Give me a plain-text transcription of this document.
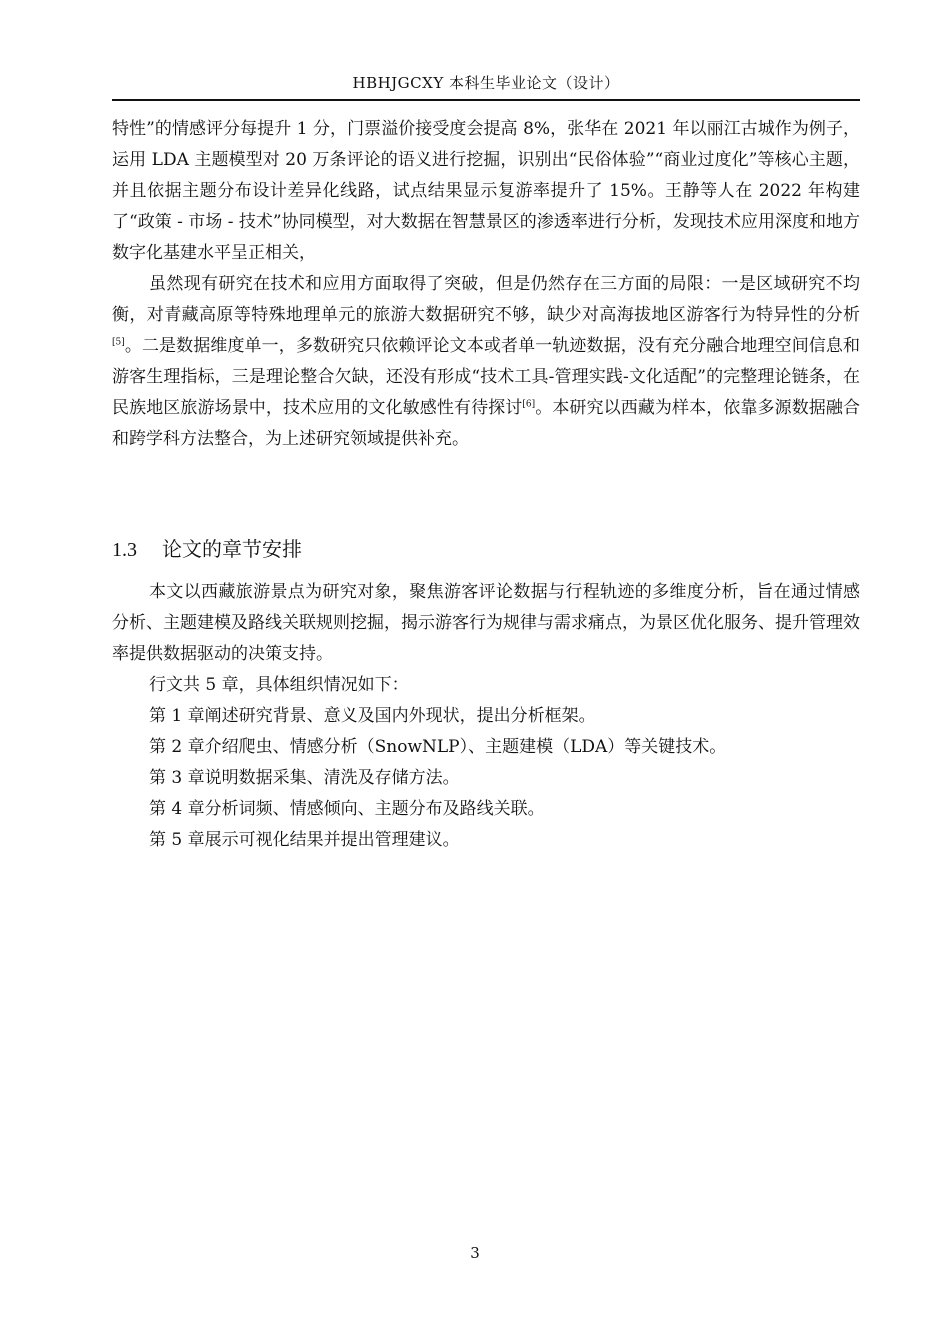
HBHJGCXY 本科生毕业论文（设计）

特性”的情感评分每提升 1 分，门票溢价接受度会提高 8%，张华在 2021 年以丽江古城作为例子，运用 LDA 主题模型对 20 万条评论的语义进行挖掘，识别出“民俗体验”“商业过度化”等核心主题，并且依据主题分布设计差异化线路，试点结果显示复游率提升了 15%。王静等人在 2022 年构建了“政策 - 市场 - 技术”协同模型，对大数据在智慧景区的渗透率进行分析，发现技术应用深度和地方数字化基建水平呈正相关，

虽然现有研究在技术和应用方面取得了突破，但是仍然存在三方面的局限：一是区域研究不均衡，对青藏高原等特殊地理单元的旅游大数据研究不够，缺少对高海拔地区游客行为特异性的分析[5]。二是数据维度单一，多数研究只依赖评论文本或者单一轨迹数据，没有充分融合地理空间信息和游客生理指标，三是理论整合欠缺，还没有形成“技术工具-管理实践-文化适配”的完整理论链条，在民族地区旅游场景中，技术应用的文化敏感性有待探讨[6]。本研究以西藏为样本，依靠多源数据融合和跨学科方法整合，为上述研究领域提供补充。

1.3 论文的章节安排

本文以西藏旅游景点为研究对象，聚焦游客评论数据与行程轨迹的多维度分析，旨在通过情感分析、主题建模及路线关联规则挖掘，揭示游客行为规律与需求痛点，为景区优化服务、提升管理效率提供数据驱动的决策支持。

行文共 5 章，具体组织情况如下：

第 1 章阐述研究背景、意义及国内外现状，提出分析框架。

第 2 章介绍爬虫、情感分析（SnowNLP）、主题建模（LDA）等关键技术。

第 3 章说明数据采集、清洗及存储方法。

第 4 章分析词频、情感倾向、主题分布及路线关联。

第 5 章展示可视化结果并提出管理建议。

3
